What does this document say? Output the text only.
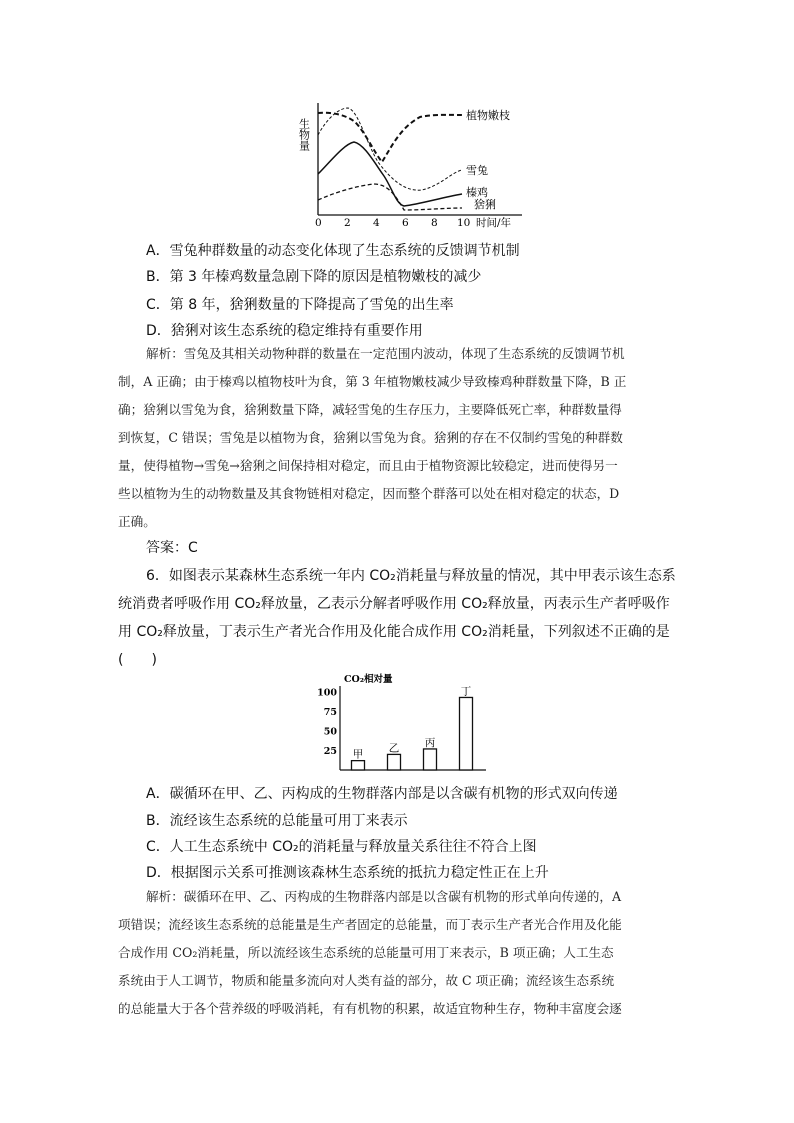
生物量
植物嫩枝
雪兔
榛鸡
猞猁
0 2 4 6 8 10 时间/年
A．雪兔种群数量的动态变化体现了生态系统的反馈调节机制
B．第 3 年榛鸡数量急剧下降的原因是植物嫩枝的减少
C．第 8 年，猞猁数量的下降提高了雪兔的出生率
D．猞猁对该生态系统的稳定维持有重要作用
解析：雪兔及其相关动物种群的数量在一定范围内波动，体现了生态系统的反馈调节机
制，A 正确；由于榛鸡以植物枝叶为食，第 3 年植物嫩枝减少导致榛鸡种群数量下降，B 正
确；猞猁以雪兔为食，猞猁数量下降，减轻雪兔的生存压力，主要降低死亡率，种群数量得
到恢复，C 错误；雪兔是以植物为食，猞猁以雪兔为食。猞猁的存在不仅制约雪兔的种群数
量，使得植物→雪兔→猞猁之间保持相对稳定，而且由于植物资源比较稳定，进而使得另一
些以植物为生的动物数量及其食物链相对稳定，因而整个群落可以处在相对稳定的状态，D
正确。
答案：C
6．如图表示某森林生态系统一年内 CO₂消耗量与释放量的情况，其中甲表示该生态系
统消费者呼吸作用 CO₂释放量，乙表示分解者呼吸作用 CO₂释放量，丙表示生产者呼吸作
用 CO₂释放量，丁表示生产者光合作用及化能合成作用 CO₂消耗量，下列叙述不正确的是
(　　)
CO₂相对量
25
50
75
100
甲
乙 丙
丁
A．碳循环在甲、乙、丙构成的生物群落内部是以含碳有机物的形式双向传递
B．流经该生态系统的总能量可用丁来表示
C．人工生态系统中 CO₂的消耗量与释放量关系往往不符合上图
D．根据图示关系可推测该森林生态系统的抵抗力稳定性正在上升
解析：碳循环在甲、乙、丙构成的生物群落内部是以含碳有机物的形式单向传递的，A
项错误；流经该生态系统的总能量是生产者固定的总能量，而丁表示生产者光合作用及化能
合成作用 CO₂消耗量，所以流经该生态系统的总能量可用丁来表示，B 项正确；人工生态
系统由于人工调节，物质和能量多流向对人类有益的部分，故 C 项正确；流经该生态系统
的总能量大于各个营养级的呼吸消耗，有有机物的积累，故适宜物种生存，物种丰富度会逐
